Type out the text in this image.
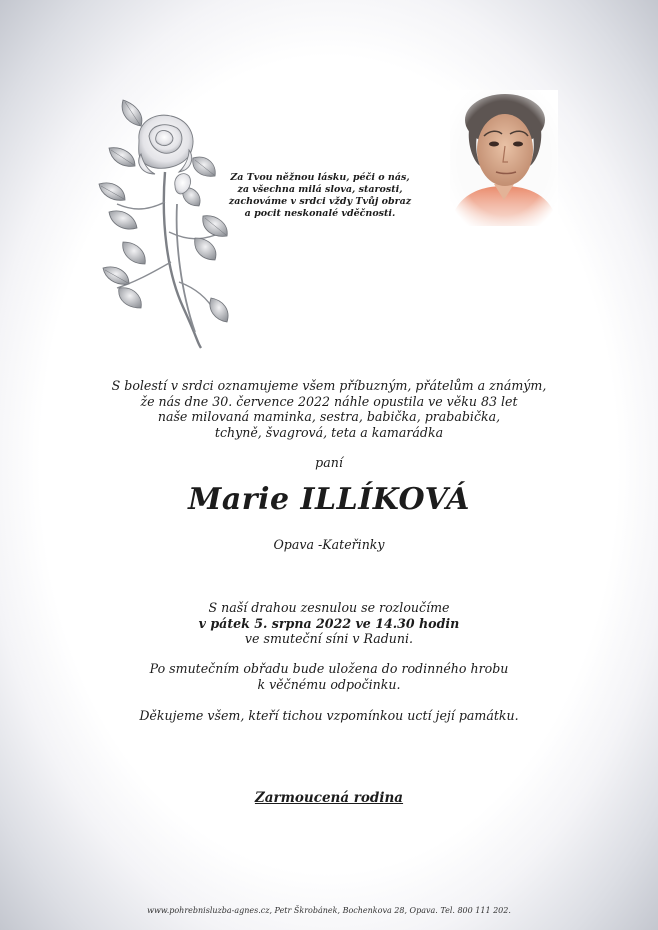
Za Tvou něžnou lásku, péči o nás,
za všechna milá slova, starosti,
zachováme v srdci vždy Tvůj obraz
a pocit neskonalé vděčnosti.
S bolestí v srdci oznamujeme všem příbuzným, přátelům a známým,
že nás dne 30. července 2022 náhle opustila ve věku 83 let
naše milovaná maminka, sestra, babička, prababička,
tchyně, švagrová, teta a kamarádka
paní
Marie ILLÍKOVÁ
Opava -Kateřinky
S naší drahou zesnulou se rozloučíme
v pátek 5. srpna 2022 ve 14.30 hodin
ve smuteční síni v Raduni.
Po smutečním obřadu bude uložena do rodinného hrobu
k věčnému odpočinku.
Děkujeme všem, kteří tichou vzpomínkou uctí její památku.
Zarmoucená rodina
www.pohrebnisluzba-agnes.cz, Petr Škrobánek, Bochenkova 28, Opava. Tel. 800 111 202.
